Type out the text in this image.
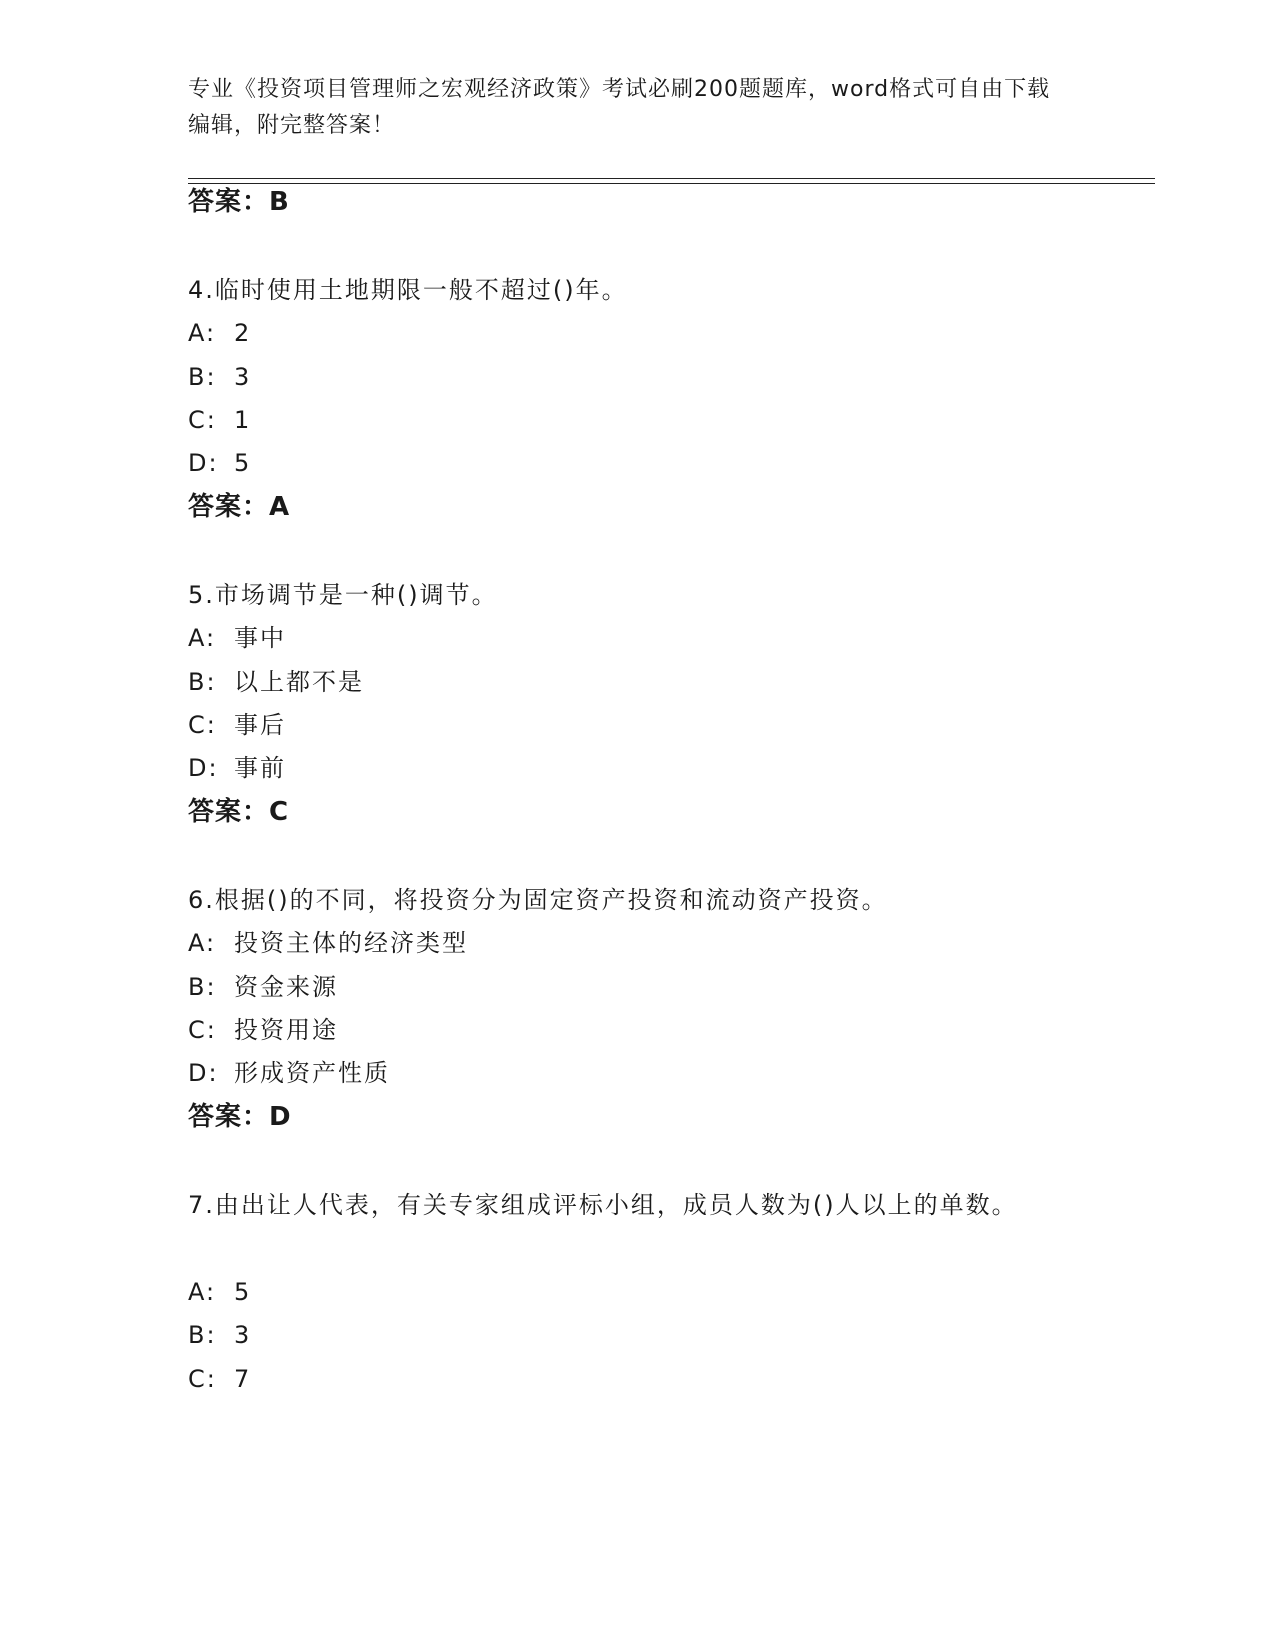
专业《投资项目管理师之宏观经济政策》考试必刷200题题库，word格式可自由下载编辑，附完整答案！
答案：B
4.临时使用土地期限一般不超过()年。
A: 2
B: 3
C: 1
D: 5
答案：A
5.市场调节是一种()调节。
A: 事中
B: 以上都不是
C: 事后
D: 事前
答案：C
6.根据()的不同，将投资分为固定资产投资和流动资产投资。
A: 投资主体的经济类型
B: 资金来源
C: 投资用途
D: 形成资产性质
答案：D
7.由出让人代表，有关专家组成评标小组，成员人数为()人以上的单数。
A: 5
B: 3
C: 7
